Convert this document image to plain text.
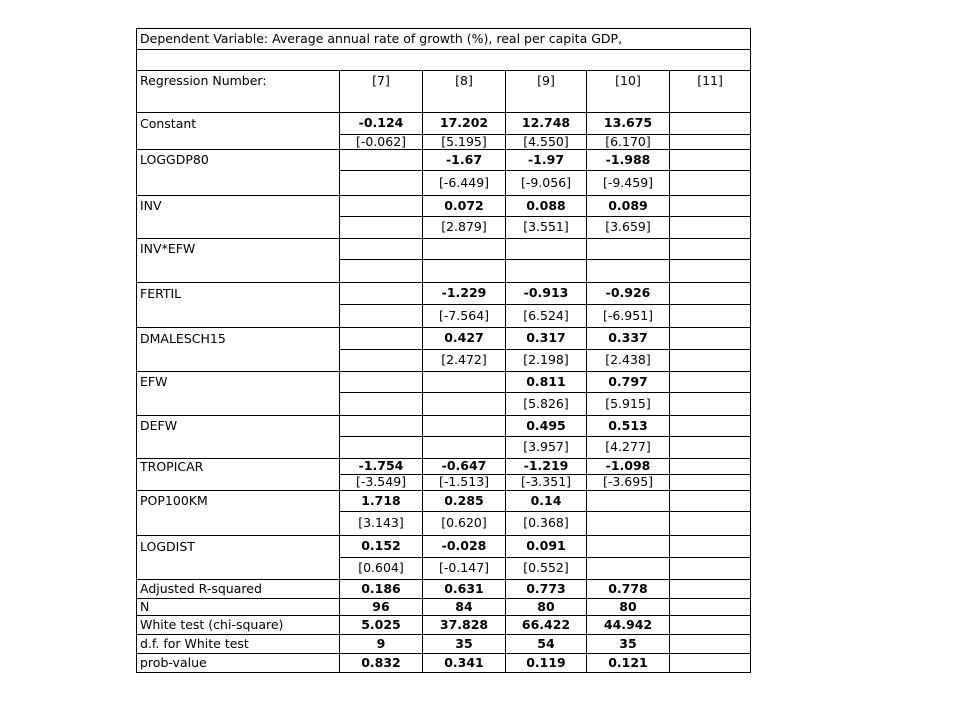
Dependent Variable: Average annual rate of growth (%), real per capita GDP,					

Regression Number:	[7]	[8]	[9]	[10]	[11]

Constant	-0.124	17.202	12.748	13.675	
	[-0.062]	[5.195]	[4.550]	[6.170]	
LOGGDP80		-1.67	-1.97	-1.988	
		[-6.449]	[-9.056]	[-9.459]	
INV		0.072	0.088	0.089	
		[2.879]	[3.551]	[3.659]	
INV*EFW					

FERTIL		-1.229	-0.913	-0.926	
		[-7.564]	[6.524]	[-6.951]	
DMALESCH15		0.427	0.317	0.337	
		[2.472]	[2.198]	[2.438]	
EFW			0.811	0.797	
			[5.826]	[5.915]	
DEFW			0.495	0.513	
			[3.957]	[4.277]	
TROPICAR	-1.754	-0.647	-1.219	-1.098	
	[-3.549]	[-1.513]	[-3.351]	[-3.695]	
POP100KM	1.718	0.285	0.14		
	[3.143]	[0.620]	[0.368]		
LOGDIST	0.152	-0.028	0.091		
	[0.604]	[-0.147]	[0.552]		
Adjusted R-squared	0.186	0.631	0.773	0.778	
N	96	84	80	80	
White test (chi-square)	5.025	37.828	66.422	44.942	
d.f. for White test	9	35	54	35	
prob-value	0.832	0.341	0.119	0.121	
